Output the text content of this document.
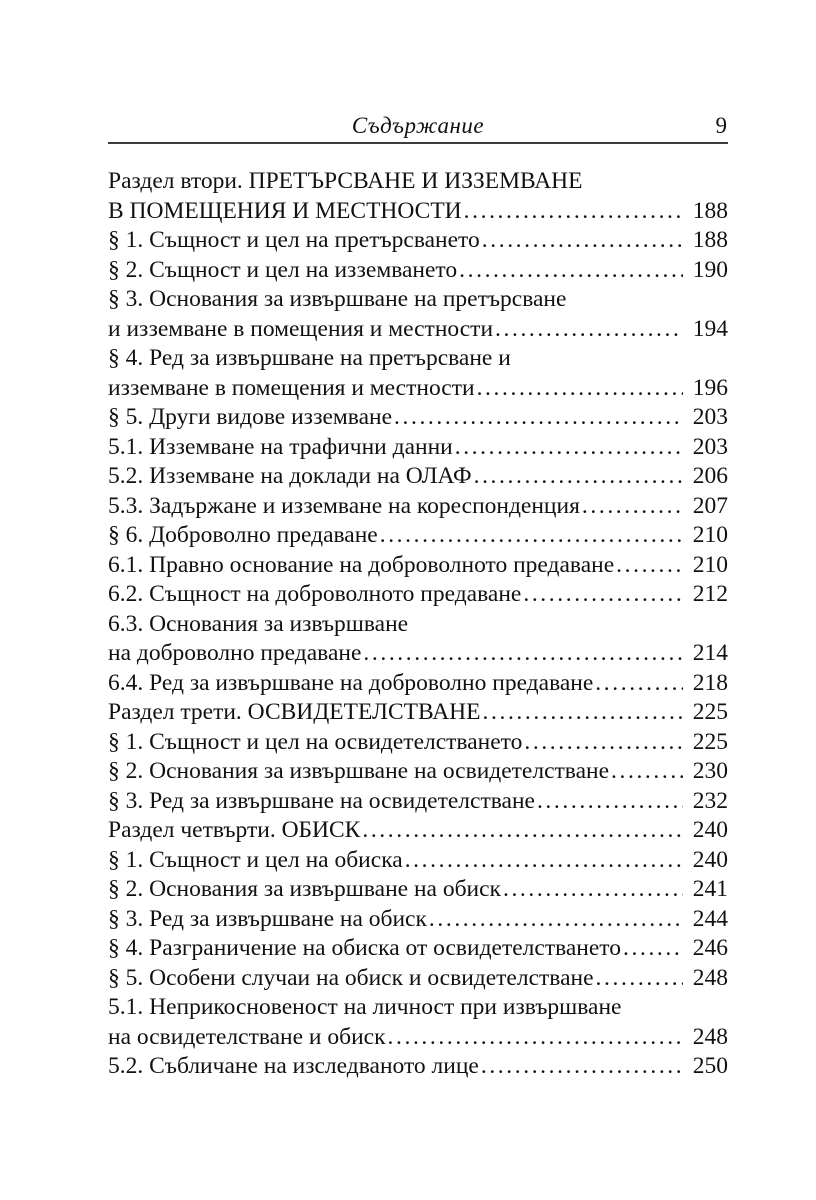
Съдържание	9
Раздел втори. ПРЕТЪРСВАНЕ И ИЗЗЕМВАНЕ
В ПОМЕЩЕНИЯ И МЕСТНОСТИ .....	188
§ 1. Същност и цел на претърсването .....	188
§ 2. Същност и цел на изземването .....	190
§ 3. Основания за извършване на претърсване
и изземване в помещения и местности .....	194
§ 4. Ред за извършване на претърсване и
изземване в помещения и местности .....	196
§ 5. Други видове изземване .....	203
5.1. Изземване на трафични данни .....	203
5.2. Изземване на доклади на ОЛАФ .....	206
5.3. Задържане и изземване на кореспонденция .....	207
§ 6. Доброволно предаване .....	210
6.1. Правно основание на доброволното предаване .....	210
6.2. Същност на доброволното предаване .....	212
6.3. Основания за извършване
на доброволно предаване .....	214
6.4. Ред за извършване на доброволно предаване .....	218
Раздел трети. ОСВИДЕТЕЛСТВАНЕ .....	225
§ 1. Същност и цел на освидетелстването .....	225
§ 2. Основания за извършване на освидетелстване .....	230
§ 3. Ред за извършване на освидетелстване .....	232
Раздел четвърти. ОБИСК .....	240
§ 1. Същност и цел на обиска .....	240
§ 2. Основания за извършване на обиск .....	241
§ 3. Ред за извършване на обиск .....	244
§ 4. Разграничение на обиска от освидетелстването .....	246
§ 5. Особени случаи на обиск и освидетелстване .....	248
5.1. Неприкосновеност на личност при извършване
на освидетелстване и обиск .....	248
5.2. Събличане на изследваното лице .....	250
